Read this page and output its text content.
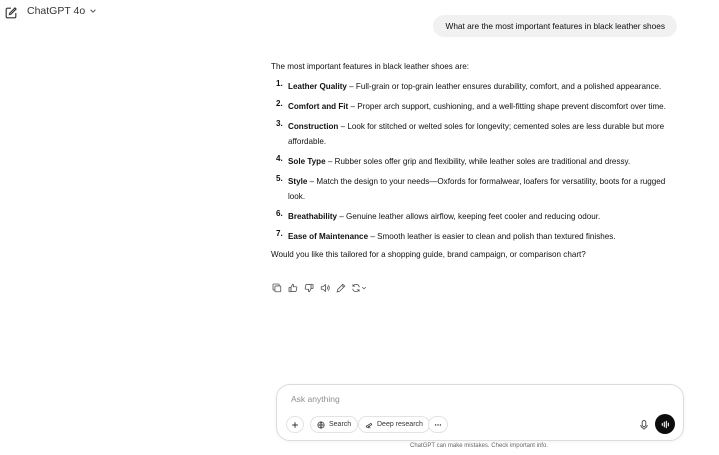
ChatGPT 4o
What are the most important features in black leather shoes

The most important features in black leather shoes are:

1. Leather Quality – Full-grain or top-grain leather ensures durability, comfort, and a polished appearance.
2. Comfort and Fit – Proper arch support, cushioning, and a well-fitting shape prevent discomfort over time.
3. Construction – Look for stitched or welted soles for longevity; cemented soles are less durable but more affordable.
4. Sole Type – Rubber soles offer grip and flexibility, while leather soles are traditional and dressy.
5. Style – Match the design to your needs—Oxfords for formalwear, loafers for versatility, boots for a rugged look.
6. Breathability – Genuine leather allows airflow, keeping feet cooler and reducing odour.
7. Ease of Maintenance – Smooth leather is easier to clean and polish than textured finishes.

Would you like this tailored for a shopping guide, brand campaign, or comparison chart?

Ask anything
Search	Deep research
ChatGPT can make mistakes. Check important info.
